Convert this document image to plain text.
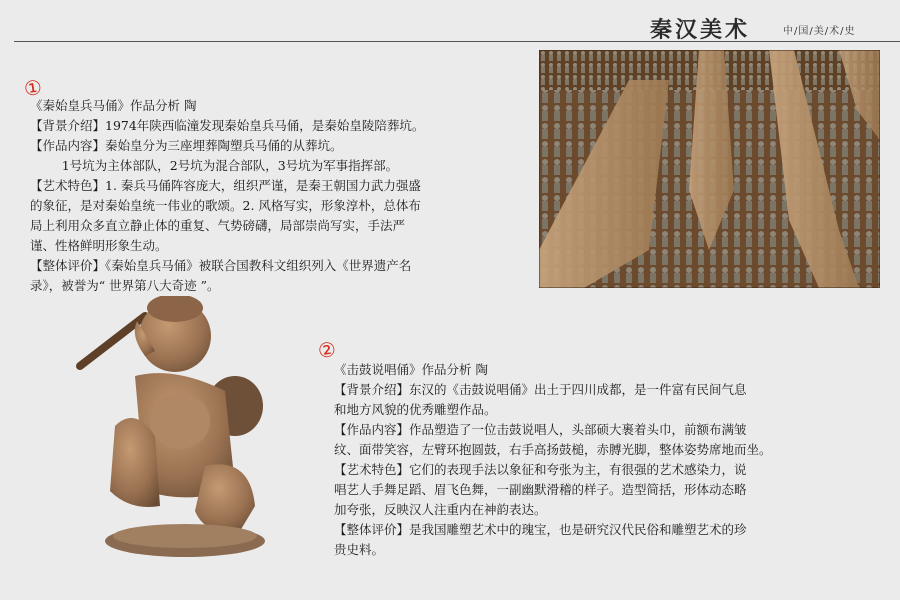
秦汉美术	中/国/美/术/史
①

《秦始皇兵马俑》作品分析 陶

【背景介绍】1974年陕西临潼发现秦始皇兵马俑，是秦始皇陵陪葬坑。

【作品内容】秦始皇分为三座埋葬陶塑兵马俑的从葬坑。

1号坑为主体部队，2号坑为混合部队，3号坑为军事指挥部。

【艺术特色】1. 秦兵马俑阵容庞大，组织严谨，是秦王朝国力武力强盛

的象征，是对秦始皇统一伟业的歌颂。2. 风格写实，形象淳朴，总体布

局上利用众多直立静止体的重复、气势磅礴，局部崇尚写实，手法严

谨、性格鲜明形象生动。

【整体评价】《秦始皇兵马俑》被联合国教科文组织列入《世界遗产名

录》，被誉为“ 世界第八大奇迹 ”。

②

《击鼓说唱俑》作品分析 陶

【背景介绍】东汉的《击鼓说唱俑》出土于四川成都，是一件富有民间气息

和地方风貌的优秀雕塑作品。

【作品内容】作品塑造了一位击鼓说唱人，头部硕大裹着头巾，前额布满皱

纹、面带笑容，左臂环抱圆鼓，右手高扬鼓槌，赤膊光脚，整体姿势席地而坐。

【艺术特色】它们的表现手法以象征和夸张为主，有很强的艺术感染力，说

唱艺人手舞足蹈、眉飞色舞，一副幽默滑稽的样子。造型简括，形体动态略

加夸张，反映汉人注重内在神韵表达。

【整体评价】是我国雕塑艺术中的瑰宝，也是研究汉代民俗和雕塑艺术的珍

贵史料。
